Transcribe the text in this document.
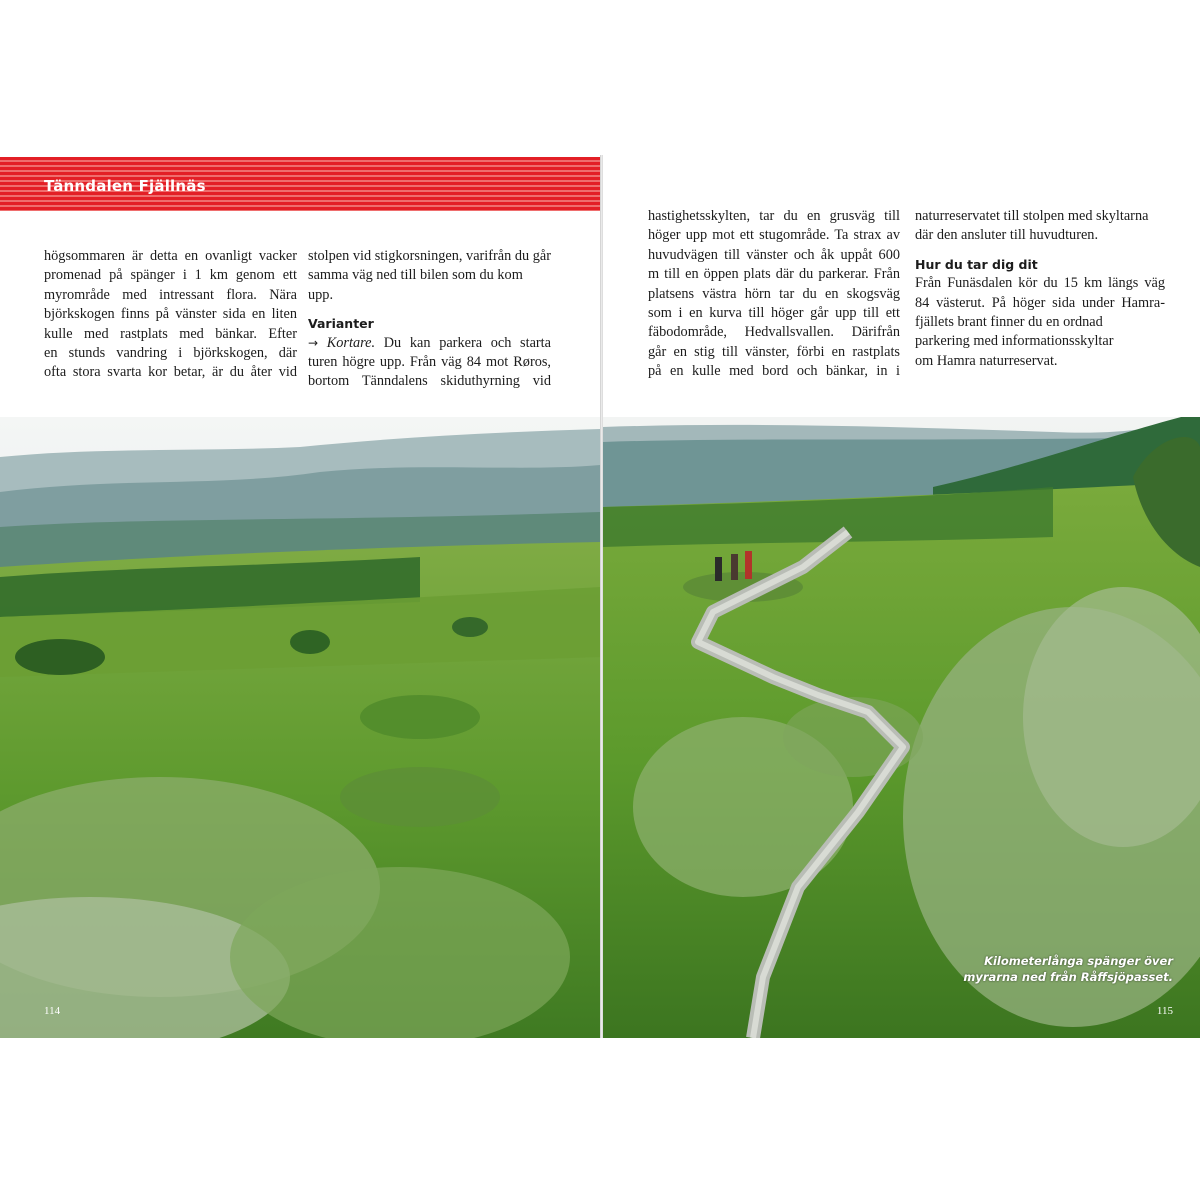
Tänndalen Fjällnäs

högsommaren är detta en ovanligt vacker

promenad på spänger i 1 km genom ett

myrområde med intressant flora. Nära

björkskogen finns på vänster sida en liten

kulle med rastplats med bänkar. Efter

en stunds vandring i björkskogen, där

ofta stora svarta kor betar, är du åter vid

stolpen vid stigkorsningen, varifrån du går

samma väg ned till bilen som du kom upp.

Varianter

→ Kortare. Du kan parkera och starta

turen högre upp. Från väg 84 mot Røros,

bortom Tänndalens skiduthyrning vid

114

hastighetsskylten, tar du en grusväg till

höger upp mot ett stugområde. Ta strax av

huvudvägen till vänster och åk uppåt 600

m till en öppen plats där du parkerar. Från

platsens västra hörn tar du en skogsväg

som i en kurva till höger går upp till ett

fäbodområde, Hedvallsvallen. Därifrån

går en stig till vänster, förbi en rastplats

på en kulle med bord och bänkar, in i

naturreservatet till stolpen med skyltarna

där den ansluter till huvudturen.

Hur du tar dig dit

Från Funäsdalen kör du 15 km längs väg

84 västerut. På höger sida under Hamra-

fjällets brant finner du en ordnad

parkering med informationsskyltar

om Hamra naturreservat.

Kilometerlånga spänger över
myrarna ned från Råffsjöpasset.
115
